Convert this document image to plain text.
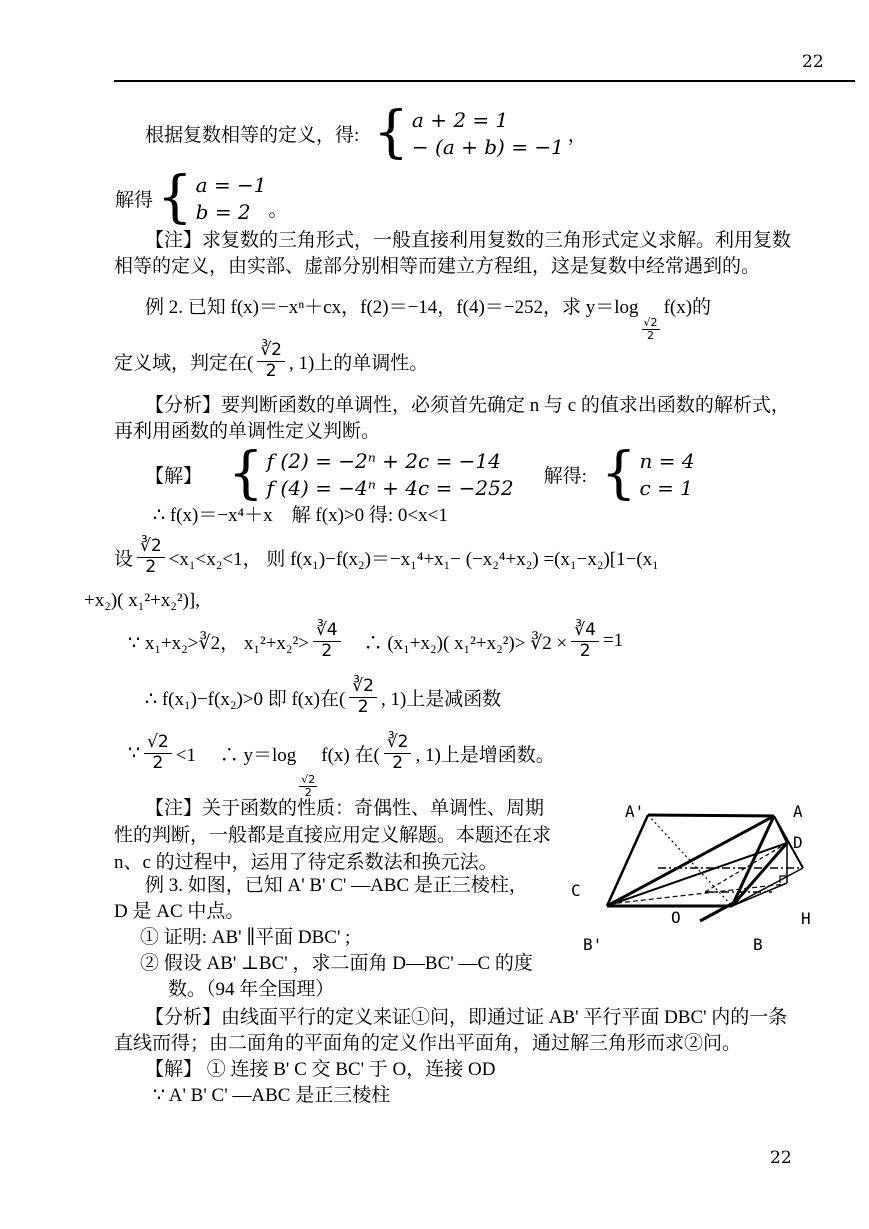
22
根据复数相等的定义，得: { a + 2 = 1
− (a + b) = −1 ，
解得 { a = −1
b = 2 。
【注】求复数的三角形式，一般直接利用复数的三角形式定义求解。利用复数
相等的定义，由实部、虚部分别相等而建立方程组，这是复数中经常遇到的。
例 2. 已知 f(x)＝−xⁿ＋cx，f(2)＝−14，f(4)＝−252，求 y＝log
$\frac{√2}{2}$
f(x)的
定义域，判定在( $\frac{∛2}{2}$ , 1)上的单调性。
【分析】要判断函数的单调性，必须首先确定 n 与 c 的值求出函数的解析式，
再利用函数的单调性定义判断。
【解】 { f (2) = −2ⁿ + 2c = −14
f (4) = −4ⁿ + 4c = −252 解得: { n = 4
c = 1
∴ f(x)＝−x⁴＋x　解 f(x)>0 得: 0<x<1
设 $\frac{∛2}{2} <x_1<x_2<1$， 则 f(x₁)−f(x₂)＝−x₁⁴+x₁− (−x₂⁴+x₂) =(x₁−x₂)[1−(x₁
+x₂)( x₁²+x₂²)],
∵ x₁+x₂>∛2， $x_1^2+x_2^2> \frac{∛4}{2}$ 　∴ (x₁+x₂)( x₁²+x₂²)> ∛2 × $\frac{∛4}{2} =1$
∴ f(x₁)−f(x₂)>0 即 f(x)在( $\frac{∛2}{2}$ , 1)上是减函数
∵ $\frac{√2}{2} <1$　 ∴ y＝log
$\frac{√2}{2}$
f(x) 在( $\frac{∛2}{2}$ , 1)上是增函数。
【注】关于函数的性质：奇偶性、单调性、周期
性的判断，一般都是直接应用定义解题。本题还在求
n、c 的过程中，运用了待定系数法和换元法。
例 3. 如图，已知 A' B' C' —ABC 是正三棱柱，
D 是 AC 中点。
① 证明: AB' ∥平面 DBC' ;
② 假设 AB' ⊥BC' ，求二面角 D—BC' —C 的度
数。（94 年全国理）
A'	A
D
C
O	H
B'	B
【分析】由线面平行的定义来证①问，即通过证 AB' 平行平面 DBC' 内的一条
直线而得；由二面角的平面角的定义作出平面角，通过解三角形而求②问。
【解】 ① 连接 B' C 交 BC' 于 O，连接 OD
∵ A' B' C' —ABC 是正三棱柱
22
